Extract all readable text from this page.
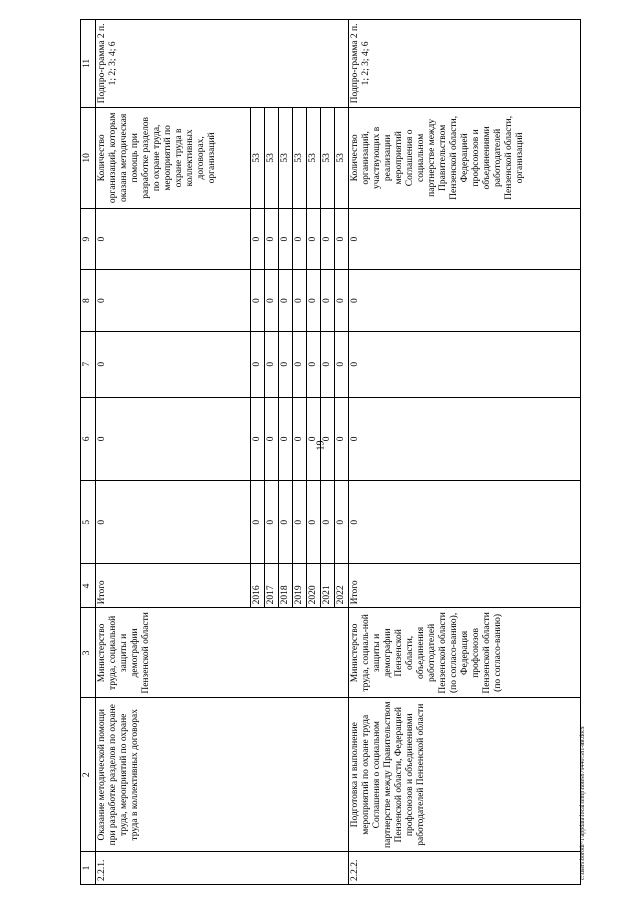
19
1	2	3	4	5	6	7	8	9	10	11
2.2.1.	Оказание методической помощи при разработке разделов по охране труда, мероприятий по охране труда в коллективных договорах	Министерство труда, социальной защиты и демографии Пензенской области	Итого	0	0	0	0	0	Количество организаций, которым оказана методическая помощь при разработке разделов по охране труда, мероприятий по охране труда в коллективных договорах, организаций	Подпро-грамма 2 п. 1; 2; 3; 4; 6
			2016	0	0	0	0	0	53	
			2017	0	0	0	0	0	53	
			2018	0	0	0	0	0	53	
			2019	0	0	0	0	0	53	
			2020	0	0	0	0	0	53	
			2021	0	0	0	0	0	53	
			2022	0	0	0	0	0	53	
2.2.2.	Подготовка и выполнение мероприятий по охране труда Соглашения о социальном партнерстве между Правительством Пензенской области, Федерацией профсоюзов и объединениями работодателей Пензенской области	Министерство труда, социаль-ной защиты и демографии Пензенской области, объединения работодателей Пензенской области (по согласо-ванию), Федерация профсоюзов Пензенской области (по согласо-ванию)	Итого	0	0	0	0	0	Количество организаций, участвующих в реализации мероприятий Соглашения о социальном партнерстве между Правительством Пензенской области, Федерацией профсоюзов и объединениями работодателей Пензенской области, организаций	Подпро-грамма 2 п. 1; 2; 3; 4; 6
c:\users\borodi~1\appdata\local\temp\notes879440\581-ии.docx
